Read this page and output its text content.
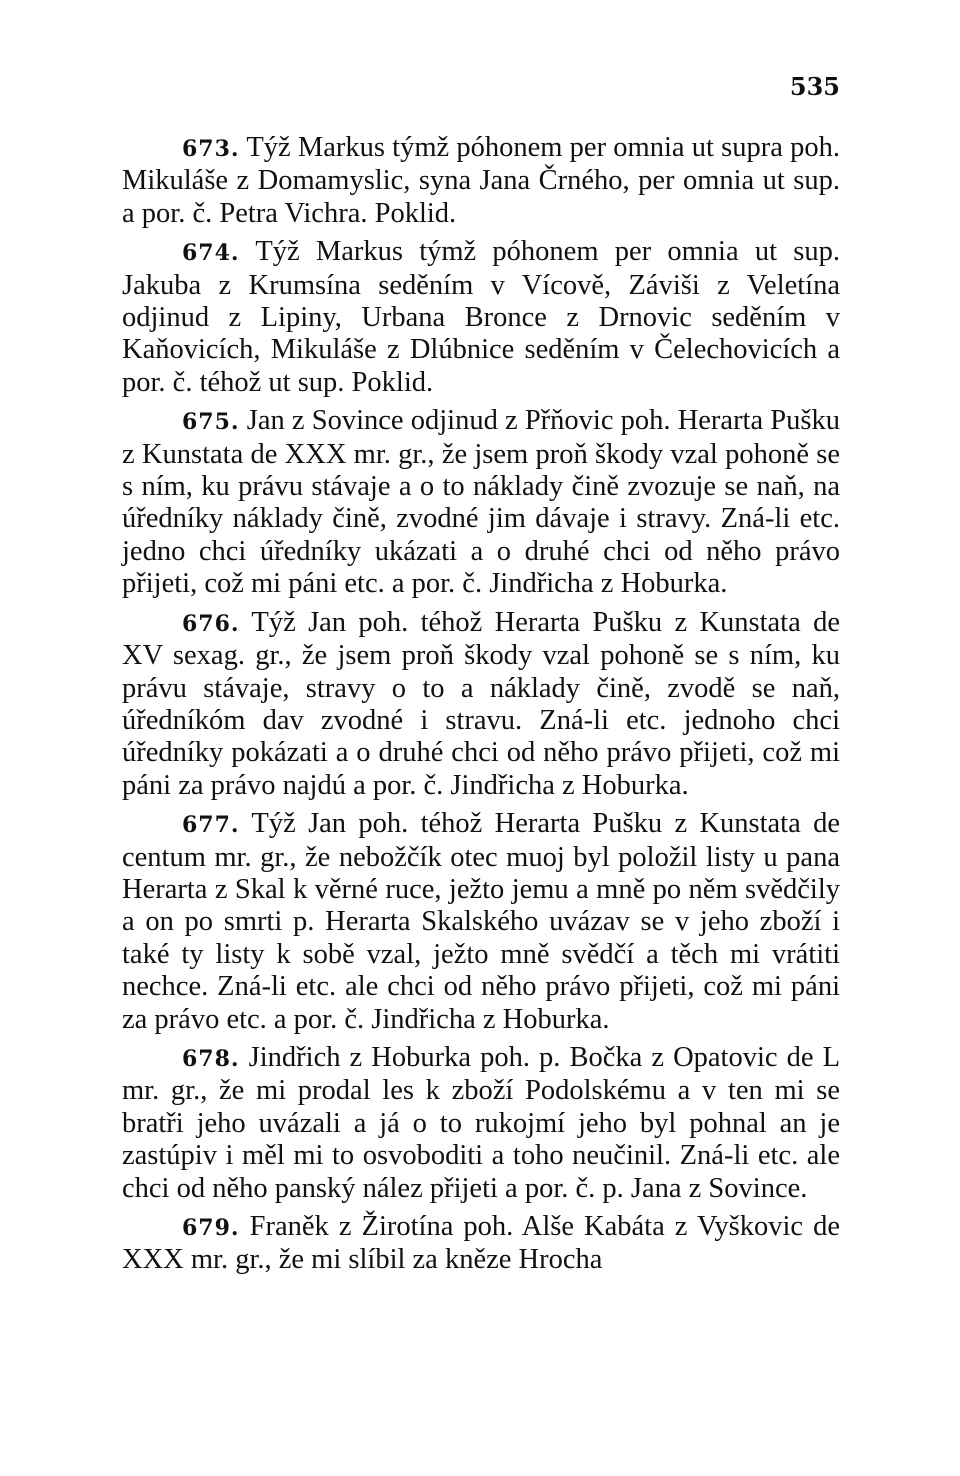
535

673. Týž Markus týmž póhonem per omnia ut supra poh. Mikuláše z Domamyslic, syna Jana Črného, per omnia ut sup. a por. č. Petra Vichra. Poklid.

674. Týž Markus týmž póhonem per omnia ut sup. Jakuba z Krumsína seděním v Vícově, Záviši z Veletína odjinud z Lipiny, Urbana Bronce z Drnovic seděním v Kaňovicích, Mikuláše z Dlúbnice seděním v Čelechovicích a por. č. téhož ut sup. Poklid.

675. Jan z Sovince odjinud z Přňovic poh. Herarta Pušku z Kunstata de XXX mr. gr., že jsem proň škody vzal pohoně se s ním, ku právu stávaje a o to náklady čině zvozuje se naň, na úředníky náklady čině, zvodné jim dávaje i stravy. Zná-li etc. jedno chci úředníky ukázati a o druhé chci od něho právo přijeti, což mi páni etc. a por. č. Jindřicha z Hoburka.

676. Týž Jan poh. téhož Herarta Pušku z Kunstata de XV sexag. gr., že jsem proň škody vzal pohoně se s ním, ku právu stávaje, stravy o to a náklady čině, zvodě se naň, úředníkóm dav zvodné i stravu. Zná-li etc. jednoho chci úředníky pokázati a o druhé chci od něho právo přijeti, což mi páni za právo najdú a por. č. Jindřicha z Hoburka.

677. Týž Jan poh. téhož Herarta Pušku z Kunstata de centum mr. gr., že nebožčík otec muoj byl položil listy u pana Herarta z Skal k věrné ruce, ježto jemu a mně po něm svědčily a on po smrti p. Herarta Skalského uvázav se v jeho zboží i také ty listy k sobě vzal, ježto mně svědčí a těch mi vrátiti nechce. Zná-li etc. ale chci od něho právo přijeti, což mi páni za právo etc. a por. č. Jindřicha z Hoburka.

678. Jindřich z Hoburka poh. p. Bočka z Opatovic de L mr. gr., že mi prodal les k zboží Podolskému a v ten mi se bratři jeho uvázali a já o to rukojmí jeho byl pohnal an je zastúpiv i měl mi to osvoboditi a toho neučinil. Zná-li etc. ale chci od něho panský nález přijeti a por. č. p. Jana z Sovince.

679. Franěk z Žirotína poh. Alše Kabáta z Vyškovic de XXX mr. gr., že mi slíbil za kněze Hrocha
